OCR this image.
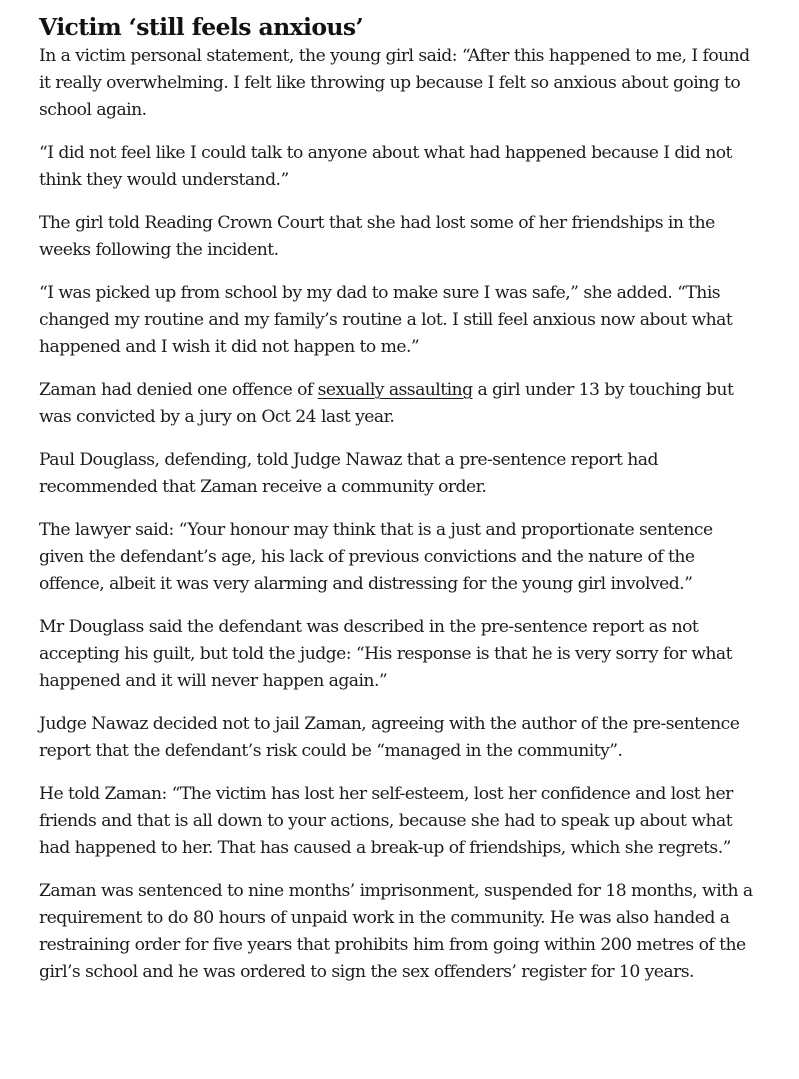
Victim ‘still feels anxious’

In a victim personal statement, the young girl said: “After this happened to me, I found it really overwhelming. I felt like throwing up because I felt so anxious about going to school again.

“I did not feel like I could talk to anyone about what had happened because I did not think they would understand.”

The girl told Reading Crown Court that she had lost some of her friendships in the weeks following the incident.

“I was picked up from school by my dad to make sure I was safe,” she added. “This changed my routine and my family’s routine a lot. I still feel anxious now about what happened and I wish it did not happen to me.”

Zaman had denied one offence of sexually assaulting a girl under 13 by touching but was convicted by a jury on Oct 24 last year.

Paul Douglass, defending, told Judge Nawaz that a pre-sentence report had recommended that Zaman receive a community order.

The lawyer said: “Your honour may think that is a just and proportionate sentence given the defendant’s age, his lack of previous convictions and the nature of the offence, albeit it was very alarming and distressing for the young girl involved.”

Mr Douglass said the defendant was described in the pre-sentence report as not accepting his guilt, but told the judge: “His response is that he is very sorry for what happened and it will never happen again.”

Judge Nawaz decided not to jail Zaman, agreeing with the author of the pre-sentence report that the defendant’s risk could be “managed in the community”.

He told Zaman: “The victim has lost her self-esteem, lost her confidence and lost her friends and that is all down to your actions, because she had to speak up about what had happened to her. That has caused a break-up of friendships, which she regrets.”

Zaman was sentenced to nine months’ imprisonment, suspended for 18 months, with a requirement to do 80 hours of unpaid work in the community. He was also handed a restraining order for five years that prohibits him from going within 200 metres of the girl’s school and he was ordered to sign the sex offenders’ register for 10 years.
